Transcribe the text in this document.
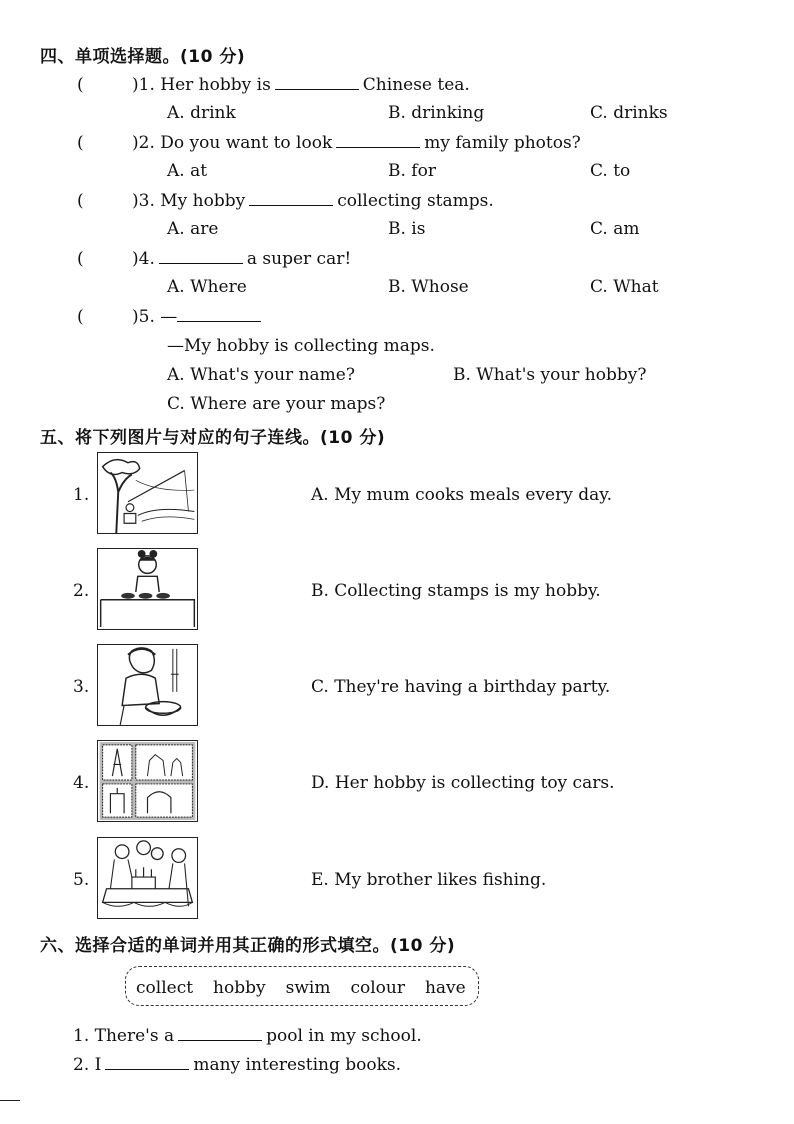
四、单项选择题。(10 分)
(	)1. Her hobby is	Chinese tea.
A. drink	B. drinking	C. drinks
(	)2. Do you want to look	my family photos?
A. at	B. for	C. to
(	)3. My hobby	collecting stamps.
A. are	B. is	C. am
(	)4.	a super car!
A. Where	B. Whose	C. What
(	)5. —
—My hobby is collecting maps.
A. What's your name?	B. What's your hobby?
C. Where are your maps?
五、将下列图片与对应的句子连线。(10 分)
1.	A. My mum cooks meals every day.
2.	B. Collecting stamps is my hobby.
3.	C. They're having a birthday party.
4.	D. Her hobby is collecting toy cars.
5.	E. My brother likes fishing.
六、选择合适的单词并用其正确的形式填空。(10 分)
collect hobby swim colour have
1. There's a	pool in my school.
2. I	many interesting books.
